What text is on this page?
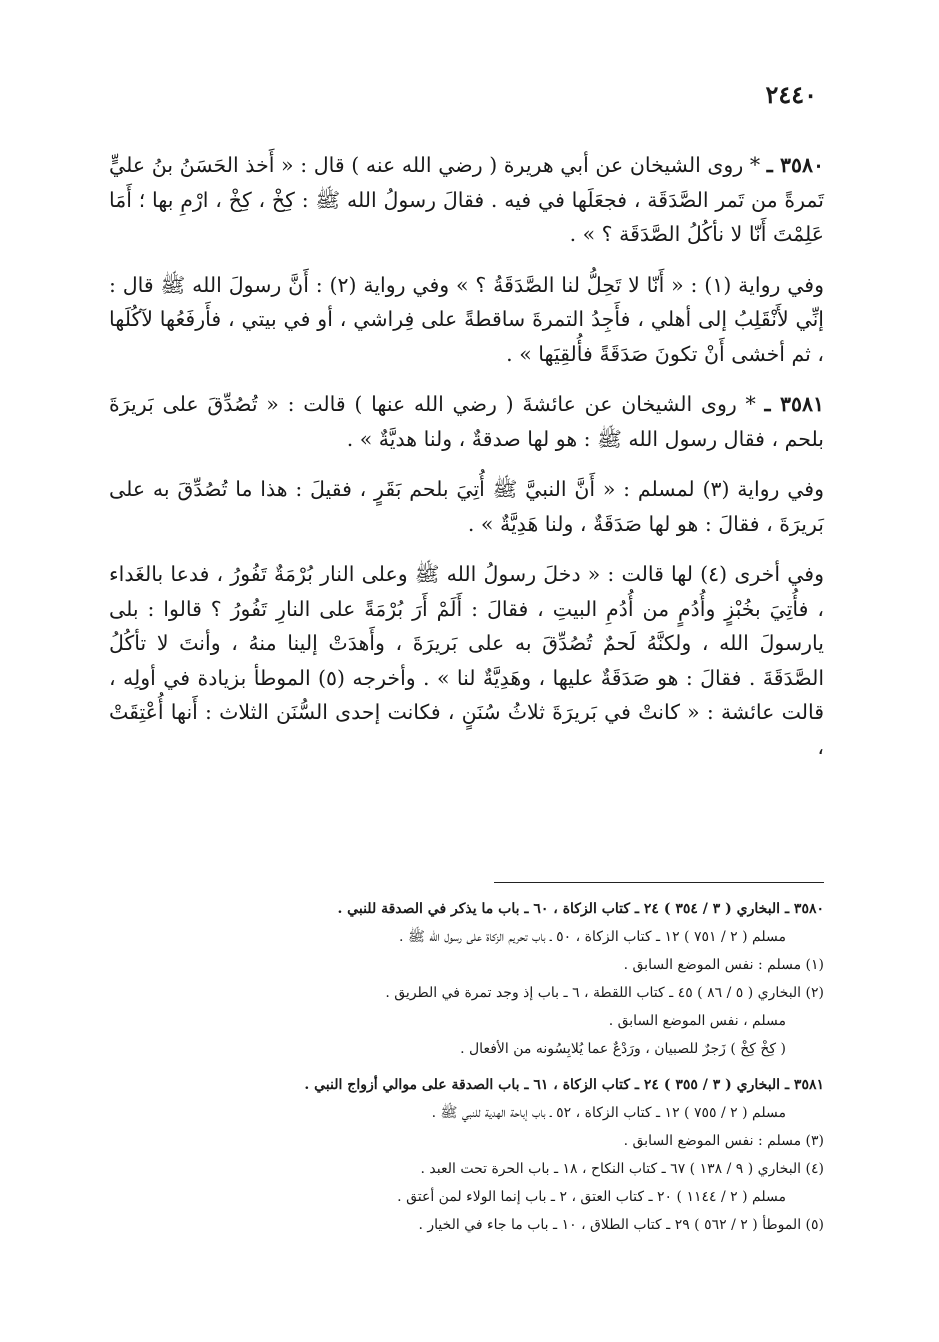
٢٤٤٠

٣٥٨٠ ـ * روى الشيخان عن أبي هريرة ( رضي الله عنه ) قال : « أَخذ الحَسَنُ بنُ عليٍّ تَمرةً من تَمر الصَّدَقَة ، فجعَلَها في فيه . فقالَ رسولُ الله ﷺ : كِخْ ، كِخْ ، ارْمِ بها ؛ أَمَا عَلِمْتَ أَنّا لا نأكُلُ الصَّدَقَة ؟ » .

وفي رواية (١) : « أَنّا لا تَحِلُّ لنا الصَّدَقَةُ ؟ » وفي رواية (٢) : أَنَّ رسولَ الله ﷺ قال : إنِّي لأَنْقَلِبُ إلى أهلي ، فأَجِدُ التمرةَ ساقطةً على فِراشي ، أو في بيتي ، فأَرفَعُها لآكُلَها ، ثم أخشى أَنْ تكونَ صَدَقَةً فأُلقِيَها » .

٣٥٨١ ـ * روى الشيخان عن عائشةَ ( رضي الله عنها ) قالت : « تُصُدِّقَ على بَريرَةَ بلحم ، فقال رسول الله ﷺ : هو لها صدقةٌ ، ولنا هديَّةٌ » .

وفي رواية (٣) لمسلم : « أَنَّ النبيَّ ﷺ أُتِيَ بلحم بَقَرٍ ، فقيلَ : هذا ما تُصُدِّقَ به على بَريرَةَ ، فقالَ : هو لها صَدَقَةٌ ، ولنا هَدِيَّةٌ » .

وفي أخرى (٤) لها قالت : « دخلَ رسولُ الله ﷺ وعلى النار بُرْمَةٌ تَفُورُ ، فدعا بالغَداء ، فأُتِيَ بخُبْزٍ وأُدُمٍ من أُدُمِ البيتِ ، فقالَ : أَلَمْ أَرَ بُرْمَةً على النارِ تَفُورُ ؟ قالوا : بلى يارسولَ الله ، ولكنَّهُ لَحمٌ تُصُدِّقَ به على بَريرَةَ ، وأَهدَتْ إلينا منهُ ، وأنتَ لا تأكُلُ الصَّدَقَةَ . فقالَ : هو صَدَقَةٌ عليها ، وهَدِيَّةٌ لنا » . وأخرجه (٥) الموطأ بزيادة في أولِه ، قالت عائشة : « كانتْ في بَريرَةَ ثلاثُ سُنَنٍ ، فكانت إحدى السُّنَن الثلاث : أَنها أُعْتِقَتْ ،

٣٥٨٠ ـ البخاري ( ٣ / ٣٥٤ ) ٢٤ ـ كتاب الزكاة ، ٦٠ ـ باب ما يذكر في الصدقة للنبي .

مسلم ( ٢ / ٧٥١ ) ١٢ ـ كتاب الزكاة ، ٥٠ ـ باب تحريم الزكاة على رسول الله ﷺ .

(١) مسلم : نفس الموضع السابق .

(٢) البخاري ( ٥ / ٨٦ ) ٤٥ ـ كتاب اللقطة ، ٦ ـ باب إذ وجد تمرة في الطريق .

مسلم ، نفس الموضع السابق .

( كِخْ كِخْ ) زَجرٌ للصبيان ، ورَدْعٌ عما يُلابِسُونه من الأفعال .

٣٥٨١ ـ البخاري ( ٣ / ٣٥٥ ) ٢٤ ـ كتاب الزكاة ، ٦١ ـ باب الصدقة على موالي أزواج النبي .

مسلم ( ٢ / ٧٥٥ ) ١٢ ـ كتاب الزكاة ، ٥٢ ـ باب إباحة الهدية للنبي ﷺ .

(٣) مسلم : نفس الموضع السابق .

(٤) البخاري ( ٩ / ١٣٨ ) ٦٧ ـ كتاب النكاح ، ١٨ ـ باب الحرة تحت العبد .

مسلم ( ٢ / ١١٤٤ ) ٢٠ ـ كتاب العتق ، ٢ ـ باب إنما الولاء لمن أعتق .

(٥) الموطأ ( ٢ / ٥٦٢ ) ٢٩ ـ كتاب الطلاق ، ١٠ ـ باب ما جاء في الخيار .
